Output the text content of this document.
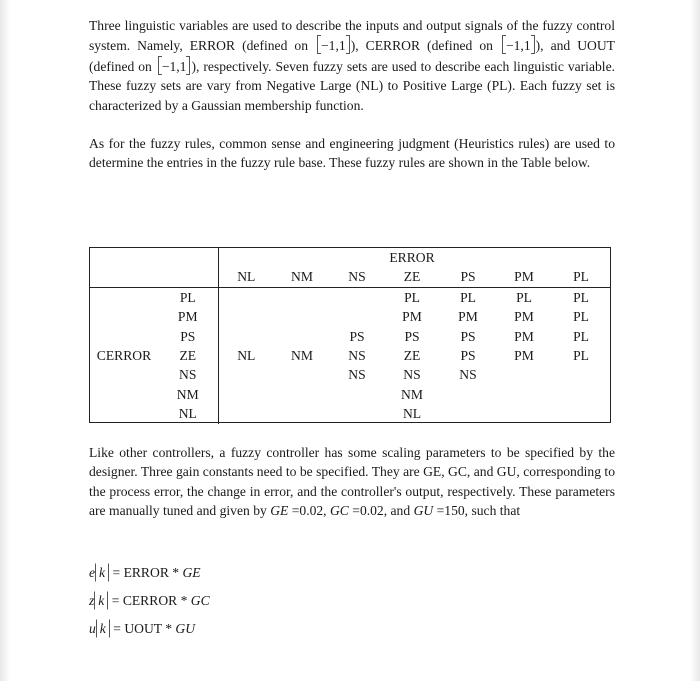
Three linguistic variables are used to describe the inputs and output signals of the fuzzy control system. Namely, ERROR (defined on −1,1 ), CERROR (defined on −1,1 ), and UOUT (defined on −1,1 ), respectively. Seven fuzzy sets are used to describe each linguistic variable. These fuzzy sets are vary from Negative Large (NL) to Positive Large (PL). Each fuzzy set is characterized by a Gaussian membership function.

As for the fuzzy rules, common sense and engineering judgment (Heuristics rules) are used to determine the entries in the fuzzy rule base. These fuzzy rules are shown in the Table below.

					ERROR			
		NL	NM	NS	ZE	PS	PM	PL
	PL				PL	PL	PL	PL
	PM				PM	PM	PM	PL
	PS			PS	PS	PS	PM	PL
CERROR	ZE	NL	NM	NS	ZE	PS	PM	PL
	NS			NS	NS	NS		
	NM				NM			
	NL				NL			

Like other controllers, a fuzzy controller has some scaling parameters to be specified by the designer. Three gain constants need to be specified. They are GE, GC, and GU, corresponding to the process error, the change in error, and the controller's output, respectively. These parameters are manually tuned and given by GE =0.02, GC =0.02, and GU =150, such that

e k = ERROR * GE
z k = CERROR * GC
u k = UOUT * GU
